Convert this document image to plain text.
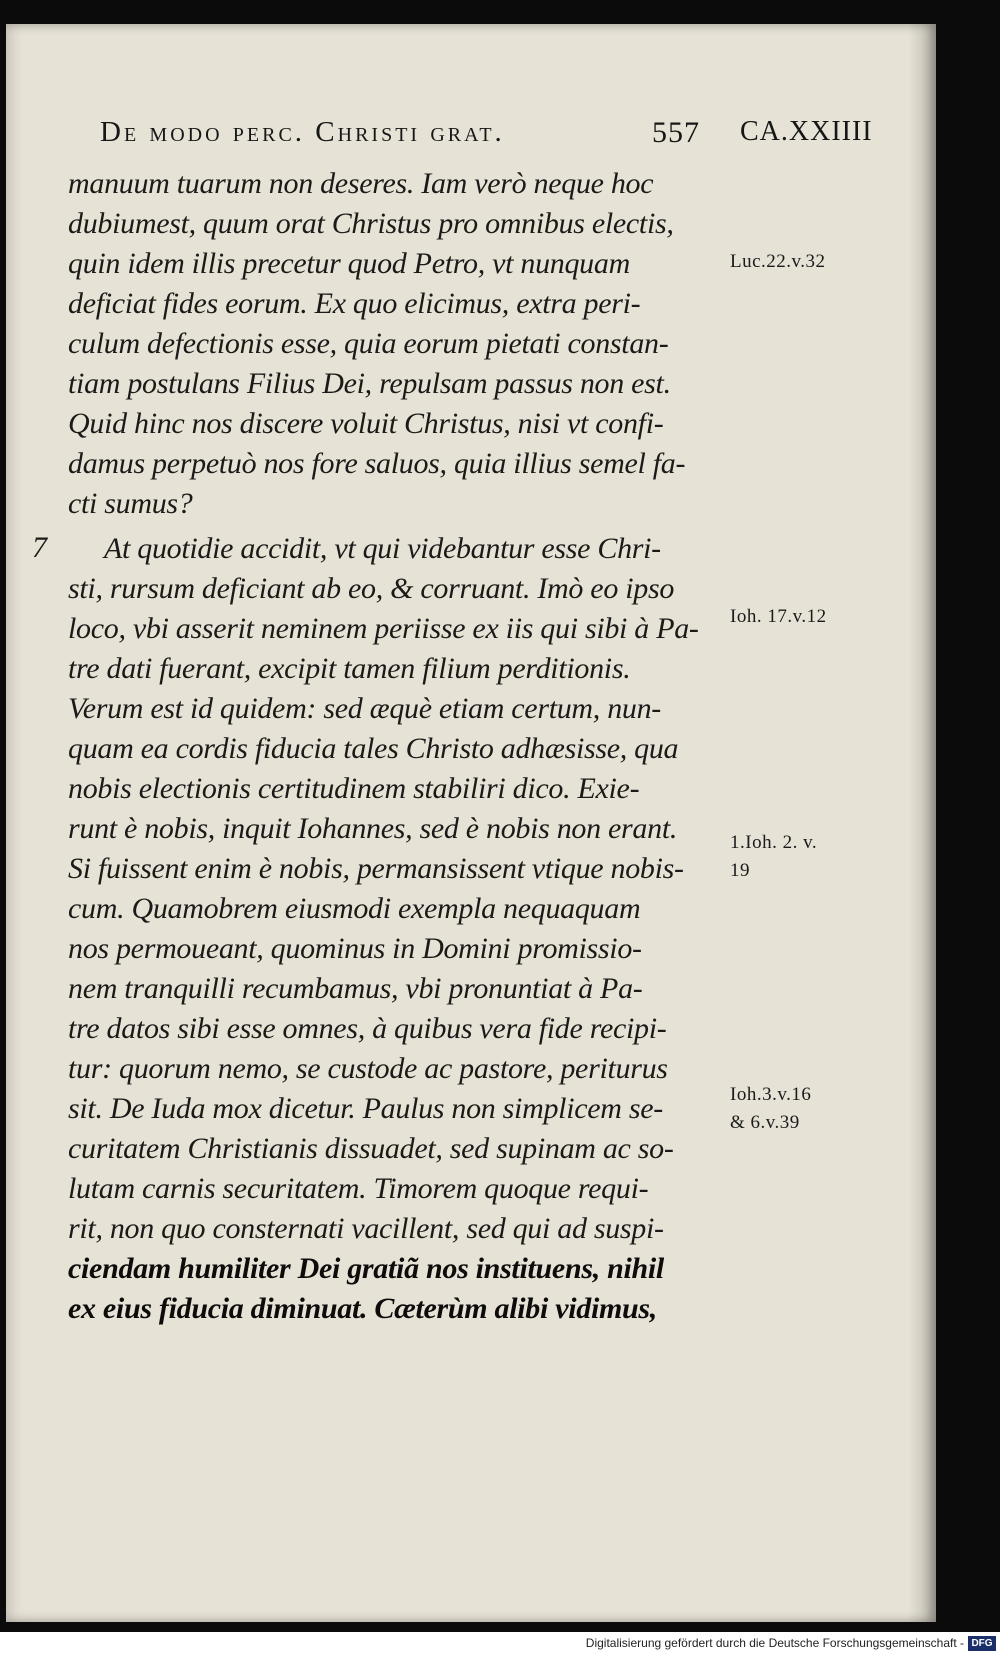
De modo perc. Christi grat.	557 CA.XXIIII
manuum tuarum non deseres. Iam verò neque hoc
dubiumest, quum orat Christus pro omnibus electis,
quin idem illis precetur quod Petro, vt nunquam
deficiat fides eorum. Ex quo elicimus, extra peri-
culum defectionis esse, quia eorum pietati constan-
tiam postulans Filius Dei, repulsam passus non est.
Quid hinc nos discere voluit Christus, nisi vt confi-
damus perpetuò nos fore saluos, quia illius semel fa-
cti sumus?
At quotidie accidit, vt qui videbantur esse Chri-
sti, rursum deficiant ab eo, & corruant. Imò eo ipso
loco, vbi asserit neminem periisse ex iis qui sibi à Pa-
tre dati fuerant, excipit tamen filium perditionis.
Verum est id quidem: sed æquè etiam certum, nun-
quam ea cordis fiducia tales Christo adhæsisse, qua
nobis electionis certitudinem stabiliri dico. Exie-
runt è nobis, inquit Iohannes, sed è nobis non erant.
Si fuissent enim è nobis, permansissent vtique nobis-
cum. Quamobrem eiusmodi exempla nequaquam
nos permoueant, quominus in Domini promissio-
nem tranquilli recumbamus, vbi pronuntiat à Pa-
tre datos sibi esse omnes, à quibus vera fide recipi-
tur: quorum nemo, se custode ac pastore, periturus
sit. De Iuda mox dicetur. Paulus non simplicem se-
curitatem Christianis dissuadet, sed supinam ac so-
lutam carnis securitatem. Timorem quoque requi-
rit, non quo consternati vacillent, sed qui ad suspi-
ciendam humiliter Dei gratiã nos instituens, nihil
ex eius fiducia diminuat. Cæterùm alibi vidimus,
7
Luc.22.v.32
Ioh. 17.v.12
1.Ioh. 2. v.
19
Ioh.3.v.16
& 6.v.39
Digitalisierung gefördert durch die Deutsche Forschungsgemeinschaft - DFG
